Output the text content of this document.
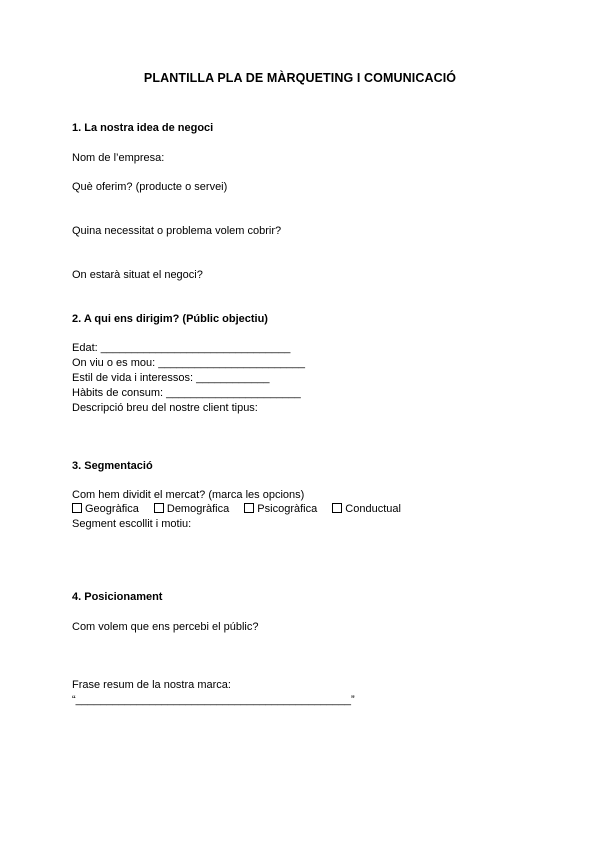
PLANTILLA PLA DE MÀRQUETING I COMUNICACIÓ
1. La nostra idea de negoci
Nom de l’empresa:
Què oferim? (producte o servei)
Quina necessitat o problema volem cobrir?
On estarà situat el negoci?
2. A qui ens dirigim? (Públic objectiu)
Edat: _______________________________
On viu o es mou: ________________________
Estil de vida i interessos: ____________
Hàbits de consum: ______________________
Descripció breu del nostre client tipus:
3. Segmentació
Com hem dividit el mercat? (marca les opcions)
Geogràfica	Demogràfica	Psicogràfica	Conductual
Segment escollit i motiu:
4. Posicionament
Com volem que ens percebi el públic?
Frase resum de la nostra marca:
“_____________________________________________”
